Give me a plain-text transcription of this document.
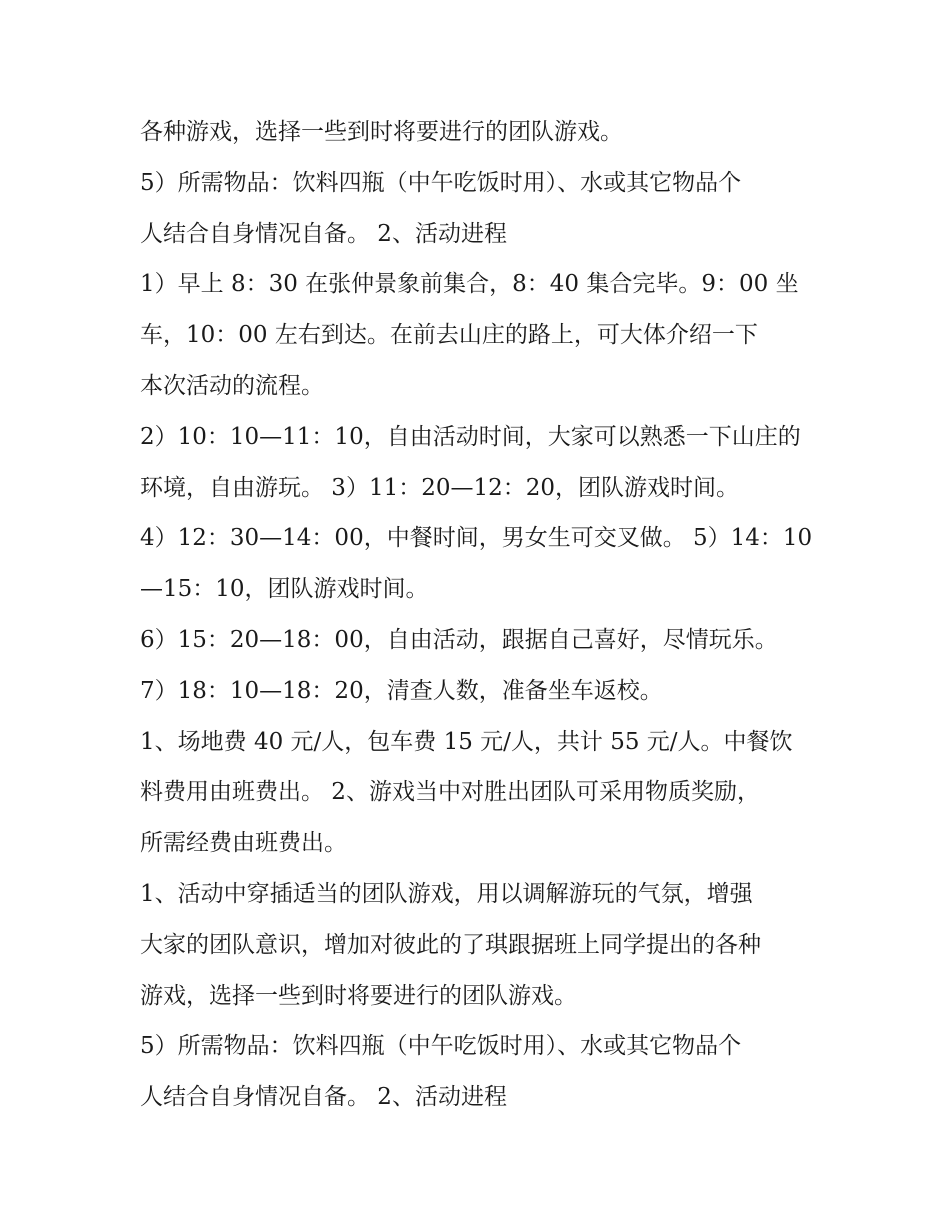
各种游戏，选择一些到时将要进行的团队游戏。
5）所需物品：饮料四瓶（中午吃饭时用）、水或其它物品个
人结合自身情况自备。 2、活动进程
1）早上 8：30 在张仲景象前集合，8：40 集合完毕。9：00 坐
车，10：00 左右到达。在前去山庄的路上，可大体介绍一下
本次活动的流程。
2）10：10—11：10，自由活动时间，大家可以熟悉一下山庄的
环境，自由游玩。 3）11：20—12：20，团队游戏时间。
4）12：30—14：00，中餐时间，男女生可交叉做。 5）14：10
—15：10，团队游戏时间。
6）15：20—18：00，自由活动，跟据自己喜好，尽情玩乐。
7）18：10—18：20，清查人数，准备坐车返校。
1、场地费 40 元/人，包车费 15 元/人，共计 55 元/人。中餐饮
料费用由班费出。 2、游戏当中对胜出团队可采用物质奖励，
所需经费由班费出。
1、活动中穿插适当的团队游戏，用以调解游玩的气氛，增强
大家的团队意识，增加对彼此的了琪跟据班上同学提出的各种
游戏，选择一些到时将要进行的团队游戏。
5）所需物品：饮料四瓶（中午吃饭时用）、水或其它物品个
人结合自身情况自备。 2、活动进程
